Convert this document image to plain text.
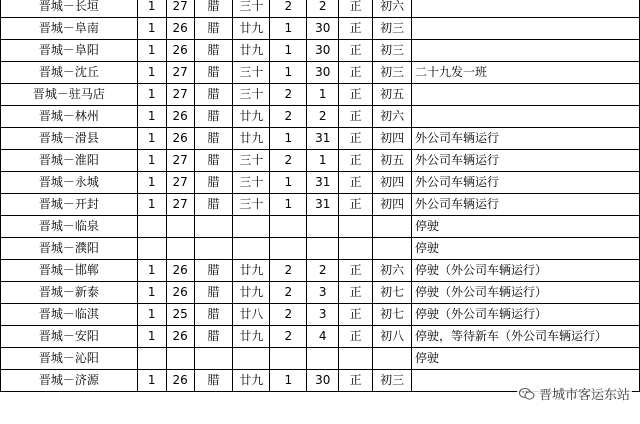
晋城－长垣	1	27	腊	三十	2	2	正	初六	
晋城－阜南	1	26	腊	廿九	1	30	正	初三	
晋城－阜阳	1	26	腊	廿九	1	30	正	初三	
晋城－沈丘	1	27	腊	三十	1	30	正	初三	二十九发一班
晋城－驻马店	1	27	腊	三十	2	1	正	初五	
晋城－林州	1	26	腊	廿九	2	2	正	初六	
晋城－滑县	1	26	腊	廿九	1	31	正	初四	外公司车辆运行
晋城－淮阳	1	27	腊	三十	2	1	正	初五	外公司车辆运行
晋城－永城	1	27	腊	三十	1	31	正	初四	外公司车辆运行
晋城－开封	1	27	腊	三十	1	31	正	初四	外公司车辆运行
晋城－临泉									停驶
晋城－濮阳									停驶
晋城－邯郸	1	26	腊	廿九	2	2	正	初六	停驶（外公司车辆运行）
晋城－新泰	1	26	腊	廿九	2	3	正	初七	停驶（外公司车辆运行）
晋城－临淇	1	25	腊	廿八	2	3	正	初七	停驶（外公司车辆运行）
晋城－安阳	1	26	腊	廿九	2	4	正	初八	停驶，等待新车（外公司车辆运行）
晋城－沁阳									停驶
晋城－济源	1	26	腊	廿九	1	30	正	初三	
晋城市客运东站
